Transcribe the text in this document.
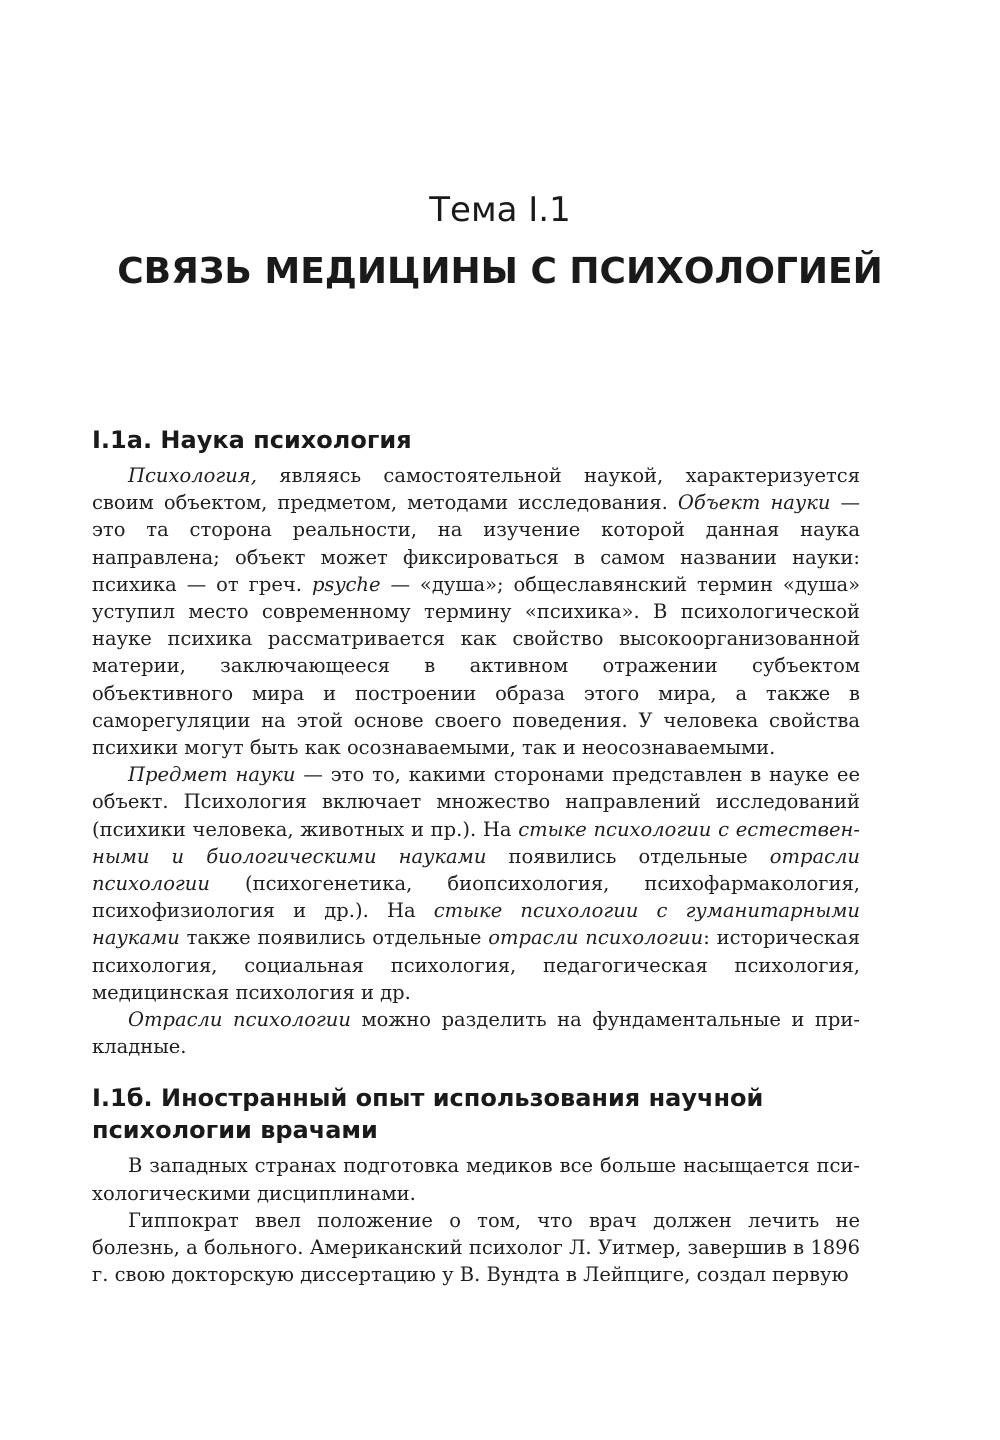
Тема I.1
СВЯЗЬ МЕДИЦИНЫ С ПСИХОЛОГИЕЙ
I.1а. Наука психология

Психология, являясь самостоятельной наукой, характеризуется своим объектом, предметом, методами исследования. Объект науки — это та сторона реальности, на изучение которой данная наука направлена; объект может фиксироваться в самом названии науки: психика — от греч. psyche — «душа»; общеславянский термин «душа» уступил место современному термину «психика». В психологической науке психика рассматривается как свойство высокоорганизованной материи, заключающееся в активном отражении субъектом объективного мира и построении образа этого мира, а также в саморегуляции на этой основе своего поведения. У человека свойства психики могут быть как осознаваемыми, так и неосознаваемыми.

Предмет науки — это то, какими сторонами представлен в науке ее объект. Психология включает множество направлений исследований (психики человека, животных и пр.). На стыке психологии с естественными и биологическими науками появились отдельные отрасли психологии (психогенетика, биопсихология, психофармакология, психофизиология и др.). На стыке психологии с гуманитарными науками также появились отдельные отрасли психологии: историческая психология, социальная психология, педагогическая психология, медицинская психология и др.

Отрасли психологии можно разделить на фундаментальные и прикладные.

I.1б. Иностранный опыт использования научной
психологии врачами

В западных странах подготовка медиков все больше насыщается психологическими дисциплинами.

Гиппократ ввел положение о том, что врач должен лечить не болезнь, а больного. Американский психолог Л. Уитмер, завершив в 1896 г. свою докторскую диссертацию у В. Вундта в Лейпциге, создал первую
